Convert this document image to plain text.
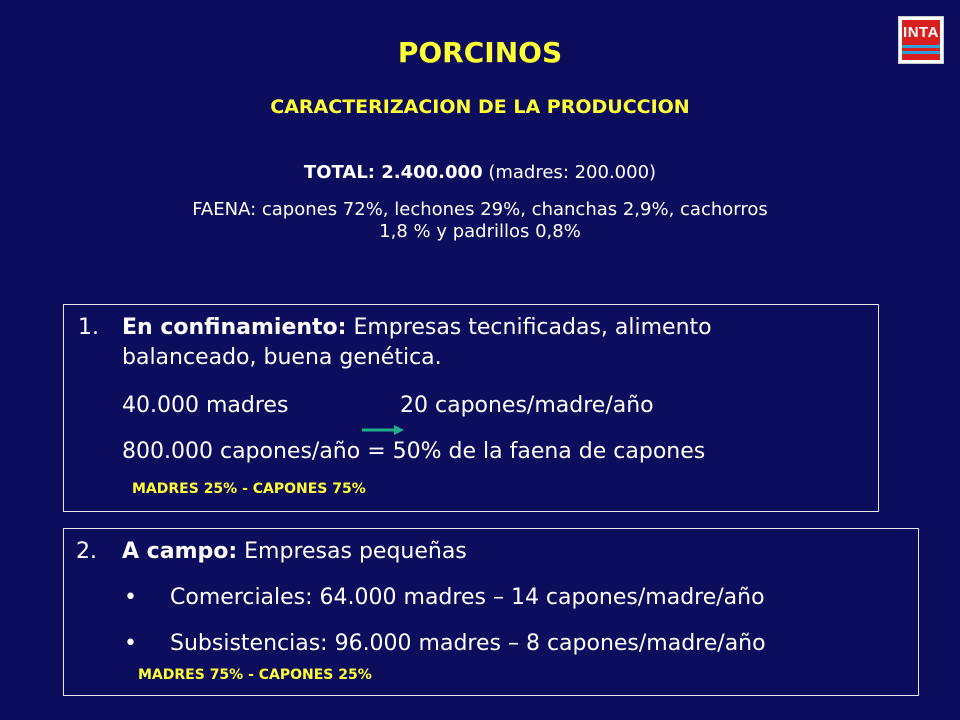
INTA
PORCINOS
CARACTERIZACION DE LA PRODUCCION
TOTAL: 2.400.000 (madres: 200.000)
FAENA: capones 72%, lechones 29%, chanchas 2,9%, cachorros
1,8 % y padrillos 0,8%
1. En confinamiento: Empresas tecnificadas, alimento
balanceado, buena genética.
40.000 madres	20 capones/madre/año
800.000 capones/año = 50% de la faena de capones
MADRES 25% - CAPONES 75%
2. A campo: Empresas pequeñas
• Comerciales: 64.000 madres – 14 capones/madre/año
• Subsistencias: 96.000 madres – 8 capones/madre/año
MADRES 75% - CAPONES 25%
